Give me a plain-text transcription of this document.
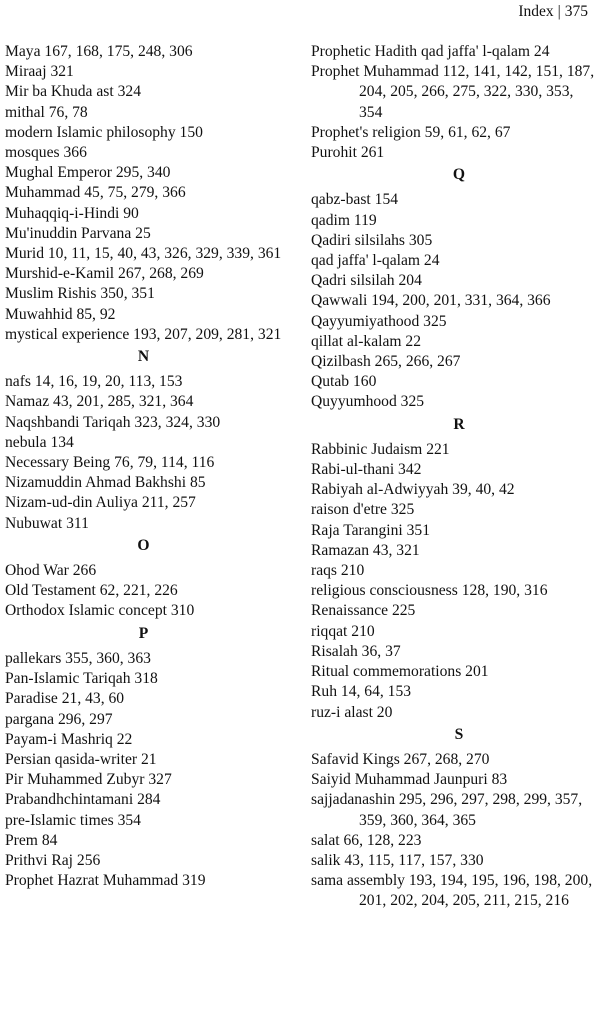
Index | 375
Maya 167, 168, 175, 248, 306
Miraaj 321
Mir ba Khuda ast 324
mithal 76, 78
modern Islamic philosophy 150
mosques 366
Mughal Emperor 295, 340
Muhammad 45, 75, 279, 366
Muhaqqiq-i-Hindi 90
Mu'inuddin Parvana 25
Murid 10, 11, 15, 40, 43, 326, 329, 339, 361
Murshid-e-Kamil 267, 268, 269
Muslim Rishis 350, 351
Muwahhid 85, 92
mystical experience 193, 207, 209, 281, 321
N
nafs 14, 16, 19, 20, 113, 153
Namaz 43, 201, 285, 321, 364
Naqshbandi Tariqah 323, 324, 330
nebula 134
Necessary Being 76, 79, 114, 116
Nizamuddin Ahmad Bakhshi 85
Nizam-ud-din Auliya 211, 257
Nubuwat 311
O
Ohod War 266
Old Testament 62, 221, 226
Orthodox Islamic concept 310
P
pallekars 355, 360, 363
Pan-Islamic Tariqah 318
Paradise 21, 43, 60
pargana 296, 297
Payam-i Mashriq 22
Persian qasida-writer 21
Pir Muhammed Zubyr 327
Prabandhchintamani 284
pre-Islamic times 354
Prem 84
Prithvi Raj 256
Prophet Hazrat Muhammad 319
Prophetic Hadith qad jaffa' l-qalam 24
Prophet Muhammad 112, 141, 142, 151, 187, 204, 205, 266, 275, 322, 330, 353, 354
Prophet's religion 59, 61, 62, 67
Purohit 261
Q
qabz-bast 154
qadim 119
Qadiri silsilahs 305
qad jaffa' l-qalam 24
Qadri silsilah 204
Qawwali 194, 200, 201, 331, 364, 366
Qayyumiyathood 325
qillat al-kalam 22
Qizilbash 265, 266, 267
Qutab 160
Quyyumhood 325
R
Rabbinic Judaism 221
Rabi-ul-thani 342
Rabiyah al-Adwiyyah 39, 40, 42
raison d'etre 325
Raja Tarangini 351
Ramazan 43, 321
raqs 210
religious consciousness 128, 190, 316
Renaissance 225
riqqat 210
Risalah 36, 37
Ritual commemorations 201
Ruh 14, 64, 153
ruz-i alast 20
S
Safavid Kings 267, 268, 270
Saiyid Muhammad Jaunpuri 83
sajjadanashin 295, 296, 297, 298, 299, 357, 359, 360, 364, 365
salat 66, 128, 223
salik 43, 115, 117, 157, 330
sama assembly 193, 194, 195, 196, 198, 200, 201, 202, 204, 205, 211, 215, 216
